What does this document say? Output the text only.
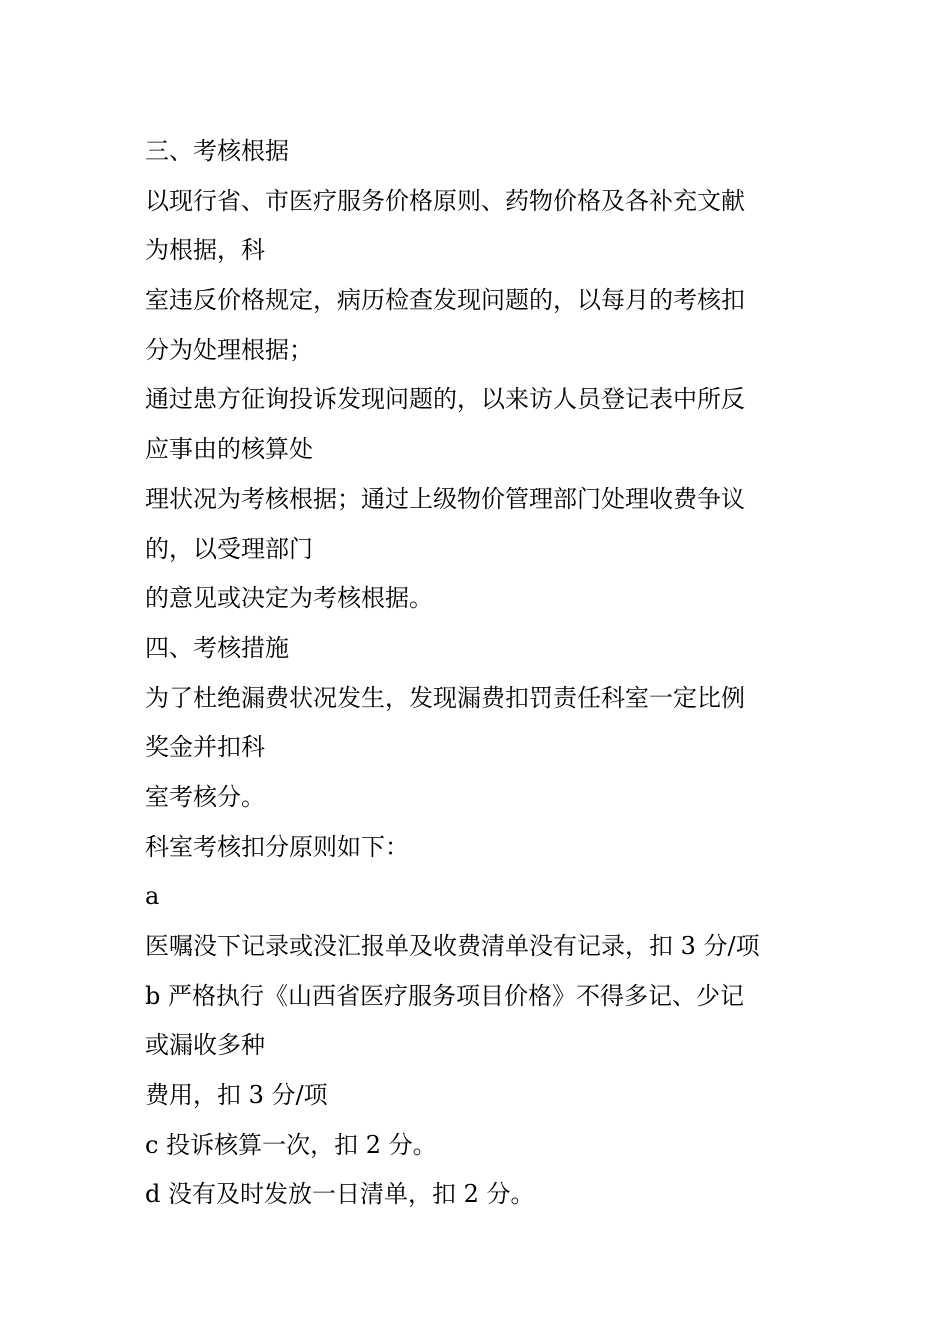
三、考核根据
以现行省、市医疗服务价格原则、药物价格及各补充文献
为根据，科
室违反价格规定，病历检查发现问题的，以每月的考核扣
分为处理根据；
通过患方征询投诉发现问题的，以来访人员登记表中所反
应事由的核算处
理状况为考核根据；通过上级物价管理部门处理收费争议
的，以受理部门
的意见或决定为考核根据。
四、考核措施
为了杜绝漏费状况发生，发现漏费扣罚责任科室一定比例
奖金并扣科
室考核分。
科室考核扣分原则如下：
a
医嘱没下记录或没汇报单及收费清单没有记录，扣 3 分/项
b 严格执行《山西省医疗服务项目价格》不得多记、少记
或漏收多种
费用，扣 3 分/项
c 投诉核算一次，扣 2 分。
d 没有及时发放一日清单，扣 2 分。
